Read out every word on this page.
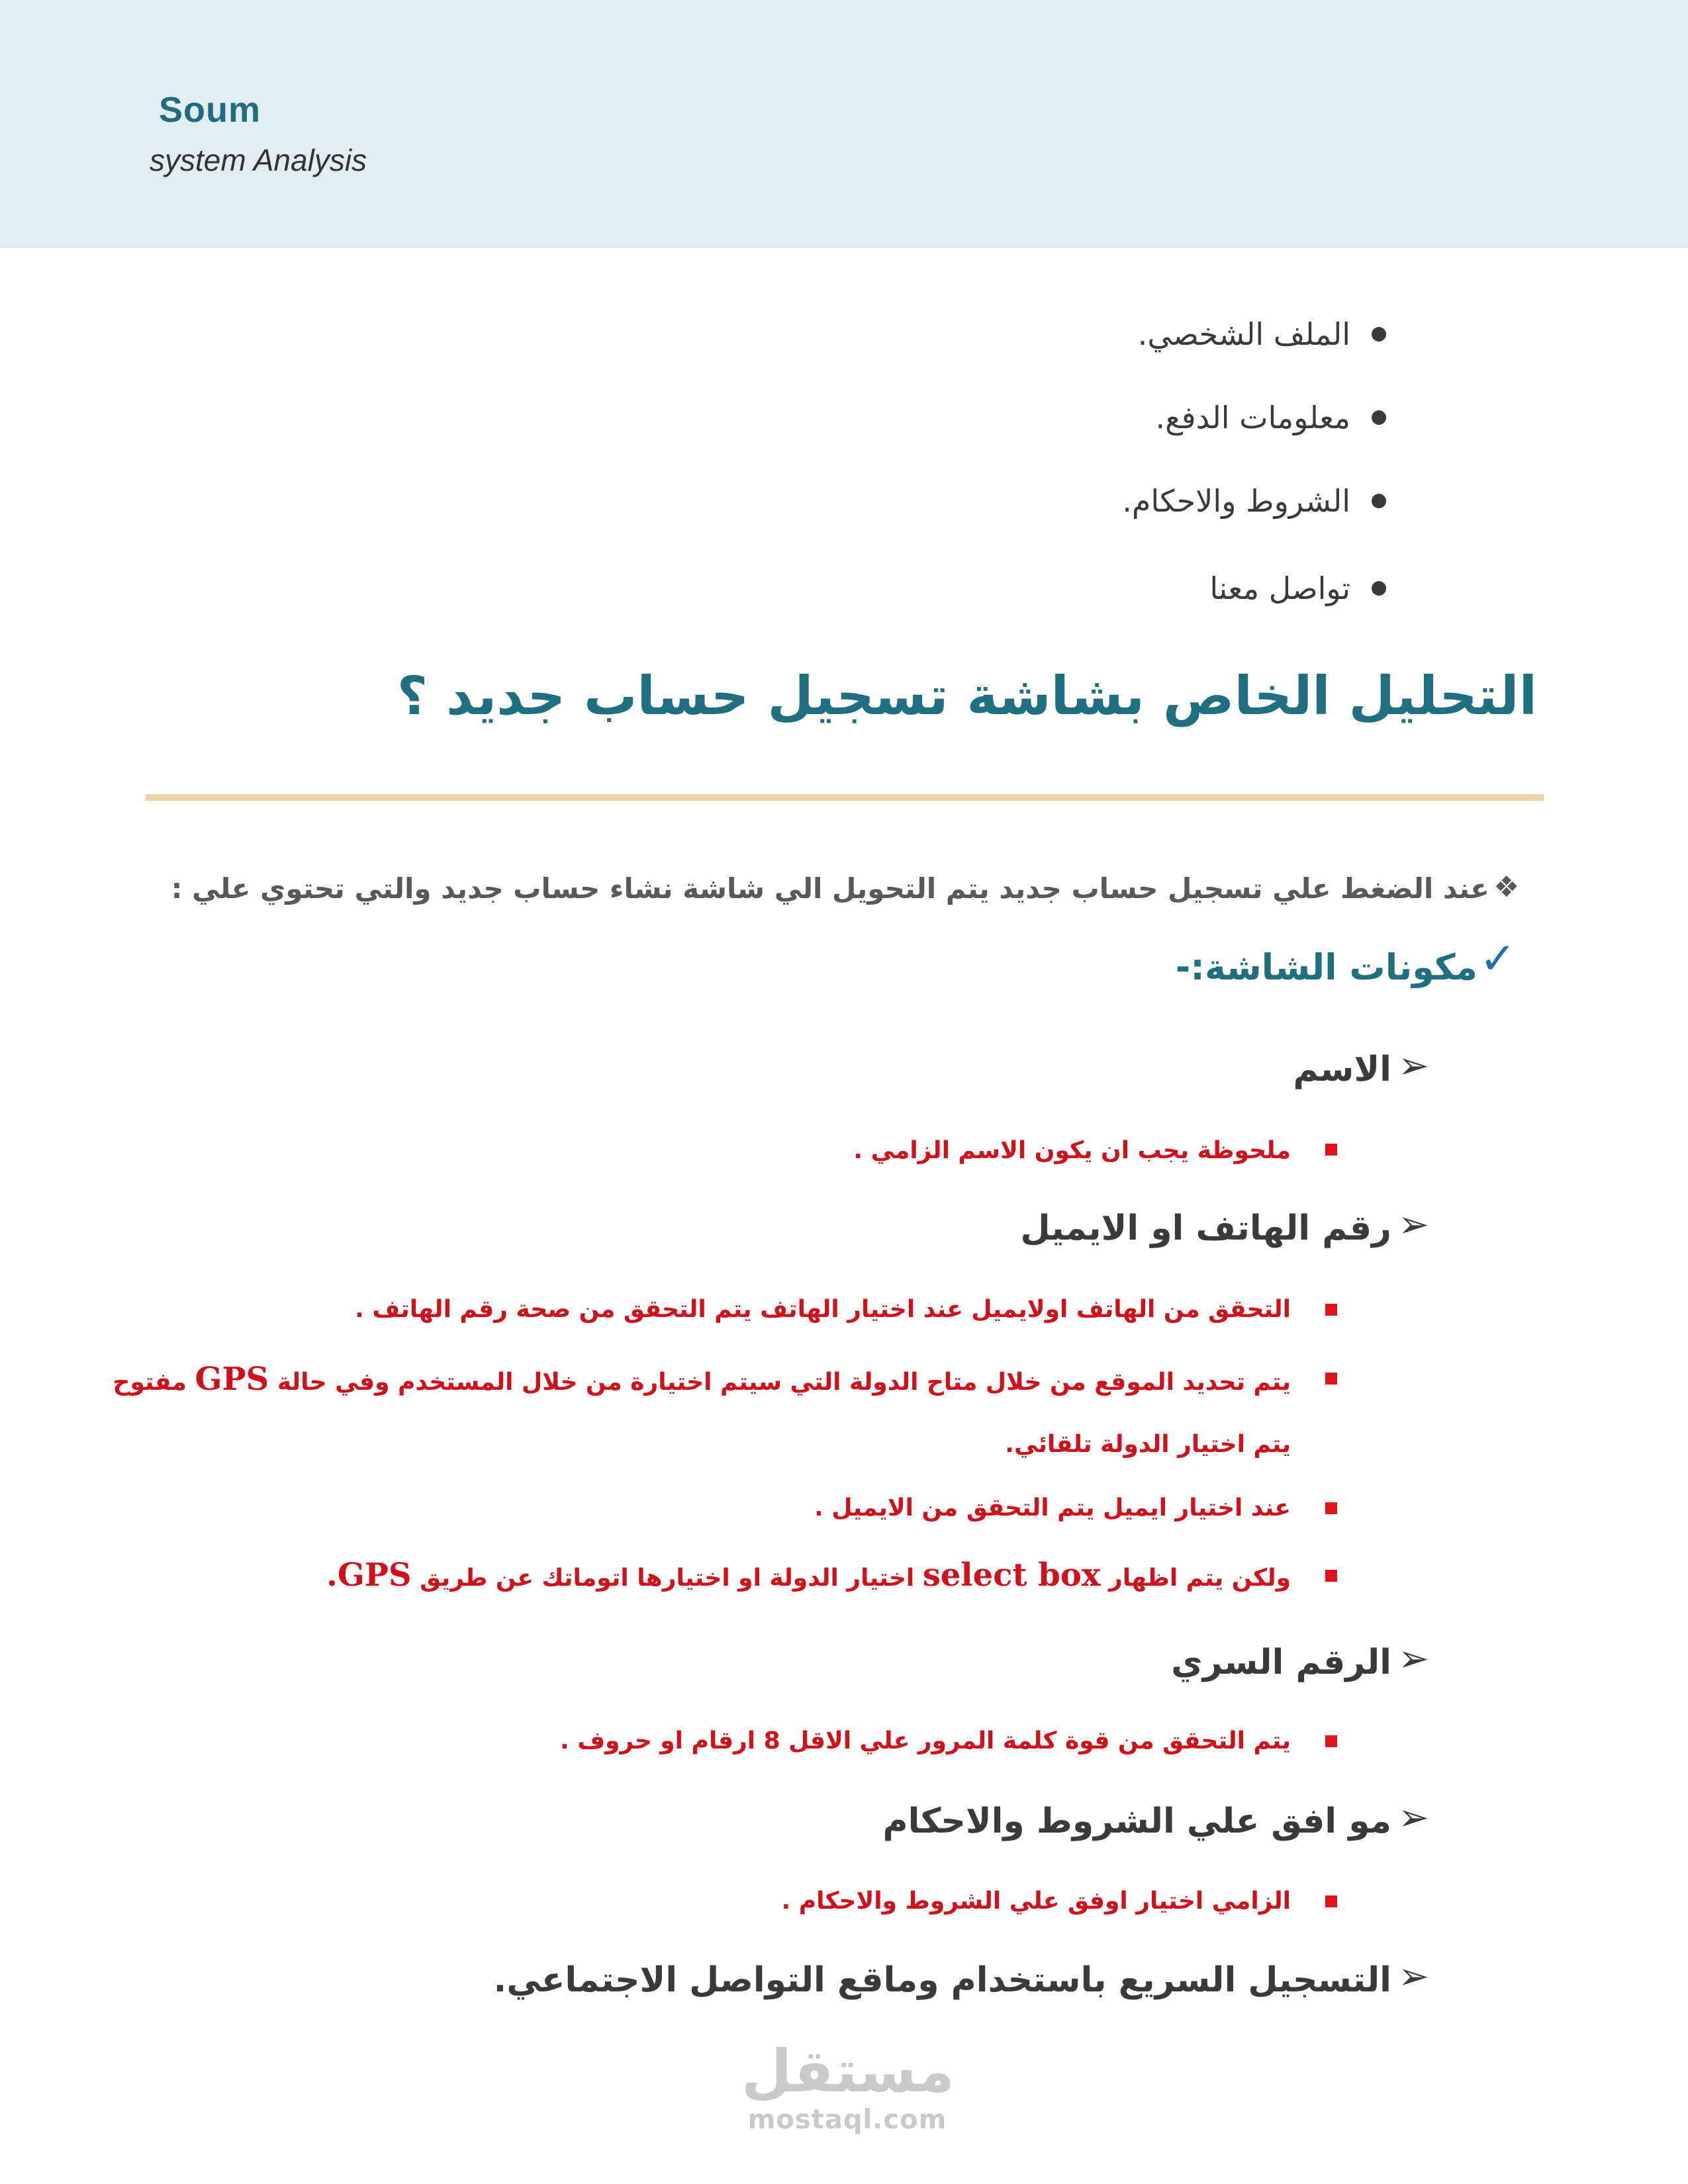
Soum
system Analysis
الملف الشخصي.
معلومات الدفع.
الشروط والاحكام.
تواصل معنا
التحليل الخاص بشاشة تسجيل حساب جديد ؟
❖
عند الضغط علي تسجيل حساب جديد يتم التحويل الي شاشة نشاء حساب جديد والتي تحتوي علي :
✓
مكونات الشاشة:-
➢
الاسم
ملحوظة يجب ان يكون الاسم الزامي .
➢
رقم الهاتف او الايميل
التحقق من الهاتف اولايميل عند اختيار الهاتف يتم التحقق من صحة رقم الهاتف .
يتم تحديد الموقع من خلال متاح الدولة التي سيتم اختيارة من خلال المستخدم وفي حالة GPS مفتوح
يتم اختيار الدولة تلقائي.
عند اختيار ايميل يتم التحقق من الايميل .
ولكن يتم اظهار select box اختيار الدولة او اختيارها اتوماتك عن طريق GPS.
➢
الرقم السري
يتم التحقق من قوة كلمة المرور علي الاقل 8 ارقام او حروف .
➢
مو افق علي الشروط والاحكام
الزامي اختيار اوفق علي الشروط والاحكام .
➢
التسجيل السريع باستخدام وماقع التواصل الاجتماعي.
مستقل
mostaql.com
